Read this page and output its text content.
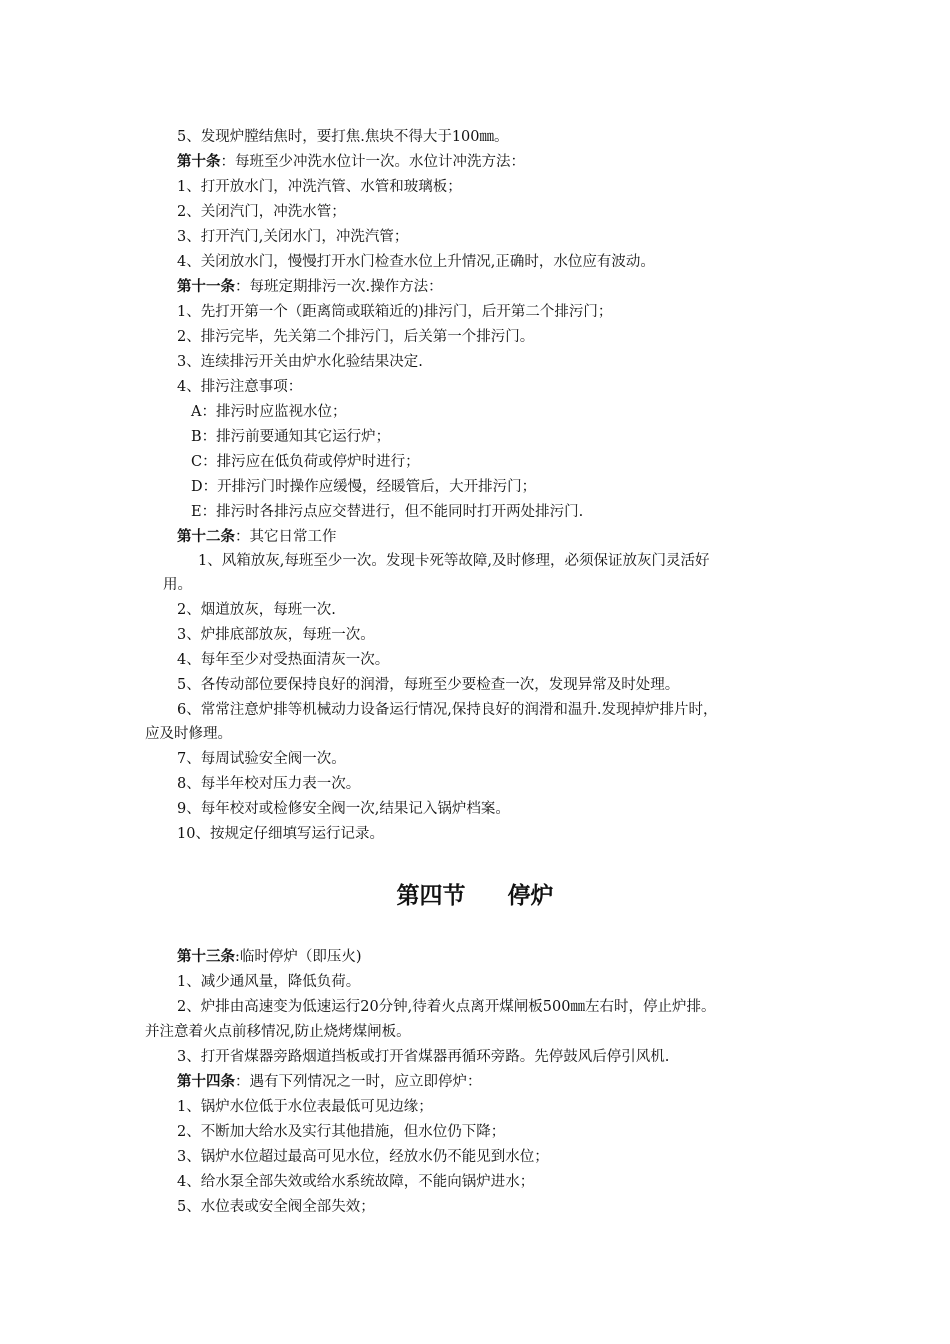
5、发现炉膛结焦时，要打焦.焦块不得大于100㎜。
第十条：每班至少冲洗水位计一次。水位计冲洗方法：
1、打开放水门，冲洗汽管、水管和玻璃板；
2、关闭汽门，冲洗水管；
3、打开汽门,关闭水门，冲洗汽管；
4、关闭放水门，慢慢打开水门检查水位上升情况,正确时，水位应有波动。
第十一条：每班定期排污一次.操作方法：
1、先打开第一个（距离筒或联箱近的)排污门，后开第二个排污门；
2、排污完毕，先关第二个排污门，后关第一个排污门。
3、连续排污开关由炉水化验结果决定.
4、排污注意事项：
A：排污时应监视水位；
B：排污前要通知其它运行炉；
C：排污应在低负荷或停炉时进行；
D：开排污门时操作应缓慢，经暖管后，大开排污门；
E：排污时各排污点应交替进行，但不能同时打开两处排污门.
第十二条：其它日常工作
1、风箱放灰,每班至少一次。发现卡死等故障,及时修理，必须保证放灰门灵活好
用。
2、烟道放灰，每班一次.
3、炉排底部放灰，每班一次。
4、每年至少对受热面清灰一次。
5、各传动部位要保持良好的润滑，每班至少要检查一次，发现异常及时处理。
6、常常注意炉排等机械动力设备运行情况,保持良好的润滑和温升.发现掉炉排片时，
应及时修理。
7、每周试验安全阀一次。
8、每半年校对压力表一次。
9、每年校对或检修安全阀一次,结果记入锅炉档案。
10、按规定仔细填写运行记录。
第四节 停炉
第十三条:临时停炉（即压火)
1、减少通风量，降低负荷。
2、炉排由高速变为低速运行20分钟,待着火点离开煤闸板500㎜左右时，停止炉排。
并注意着火点前移情况,防止烧烤煤闸板。
3、打开省煤器旁路烟道挡板或打开省煤器再循环旁路。先停鼓风后停引风机.
第十四条：遇有下列情况之一时，应立即停炉：
1、锅炉水位低于水位表最低可见边缘；
2、不断加大给水及实行其他措施，但水位仍下降；
3、锅炉水位超过最高可见水位，经放水仍不能见到水位；
4、给水泵全部失效或给水系统故障，不能向锅炉进水；
5、水位表或安全阀全部失效；
